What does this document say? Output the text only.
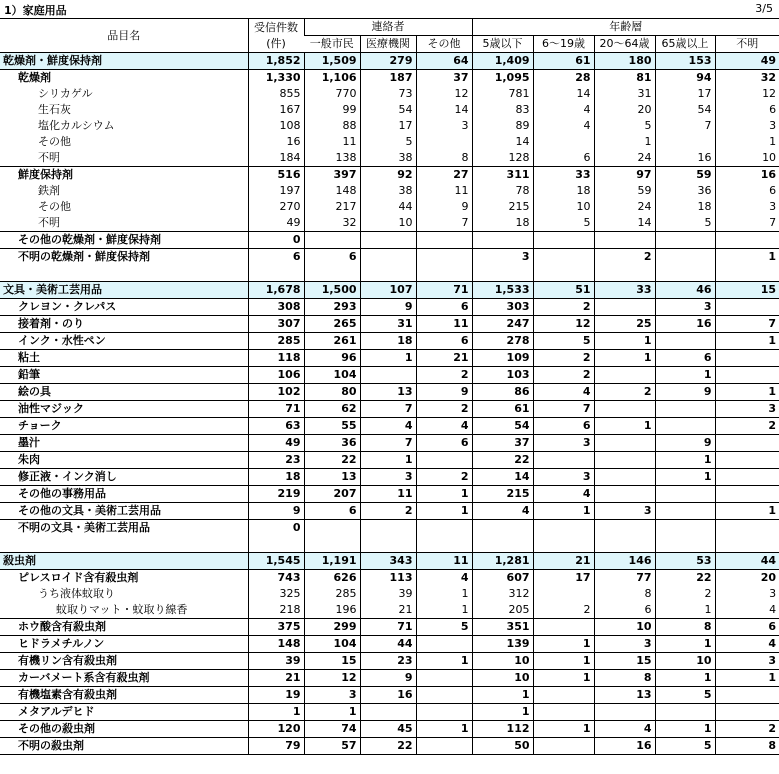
1）家庭用品	3/5
品目名	受信件数
(件)	連絡者			年齢層				
		一般市民	医療機関	その他	5歳以下	6～19歳	20～64歳	65歳以上	不明
乾燥剤・鮮度保持剤	1,852	1,509	279	64	1,409	61	180	153	49
乾燥剤	1,330	1,106	187	37	1,095	28	81	94	32
シリカゲル	855	770	73	12	781	14	31	17	12
生石灰	167	99	54	14	83	4	20	54	6
塩化カルシウム	108	88	17	3	89	4	5	7	3
その他	16	11	5		14		1		1
不明	184	138	38	8	128	6	24	16	10
鮮度保持剤	516	397	92	27	311	33	97	59	16
鉄剤	197	148	38	11	78	18	59	36	6
その他	270	217	44	9	215	10	24	18	3
不明	49	32	10	7	18	5	14	5	7
その他の乾燥剤・鮮度保持剤	0								
不明の乾燥剤・鮮度保持剤	6	6			3		2		1

文具・美術工芸用品	1,678	1,500	107	71	1,533	51	33	46	15
クレヨン・クレパス	308	293	9	6	303	2		3	
接着剤・のり	307	265	31	11	247	12	25	16	7
インク・水性ペン	285	261	18	6	278	5	1		1
粘土	118	96	1	21	109	2	1	6	
鉛筆	106	104		2	103	2		1	
絵の具	102	80	13	9	86	4	2	9	1
油性マジック	71	62	7	2	61	7			3
チョーク	63	55	4	4	54	6	1		2
墨汁	49	36	7	6	37	3		9	
朱肉	23	22	1		22			1	
修正液・インク消し	18	13	3	2	14	3		1	
その他の事務用品	219	207	11	1	215	4			
その他の文具・美術工芸用品	9	6	2	1	4	1	3		1
不明の文具・美術工芸用品	0								

殺虫剤	1,545	1,191	343	11	1,281	21	146	53	44
ピレスロイド含有殺虫剤	743	626	113	4	607	17	77	22	20
うち液体蚊取り	325	285	39	1	312		8	2	3
蚊取りマット・蚊取り線香	218	196	21	1	205	2	6	1	4
ホウ酸含有殺虫剤	375	299	71	5	351		10	8	6
ヒドラメチルノン	148	104	44		139	1	3	1	4
有機リン含有殺虫剤	39	15	23	1	10	1	15	10	3
カーバメート系含有殺虫剤	21	12	9		10	1	8	1	1
有機塩素含有殺虫剤	19	3	16		1		13	5	
メタアルデヒド	1	1			1				
その他の殺虫剤	120	74	45	1	112	1	4	1	2
不明の殺虫剤	79	57	22		50		16	5	8
